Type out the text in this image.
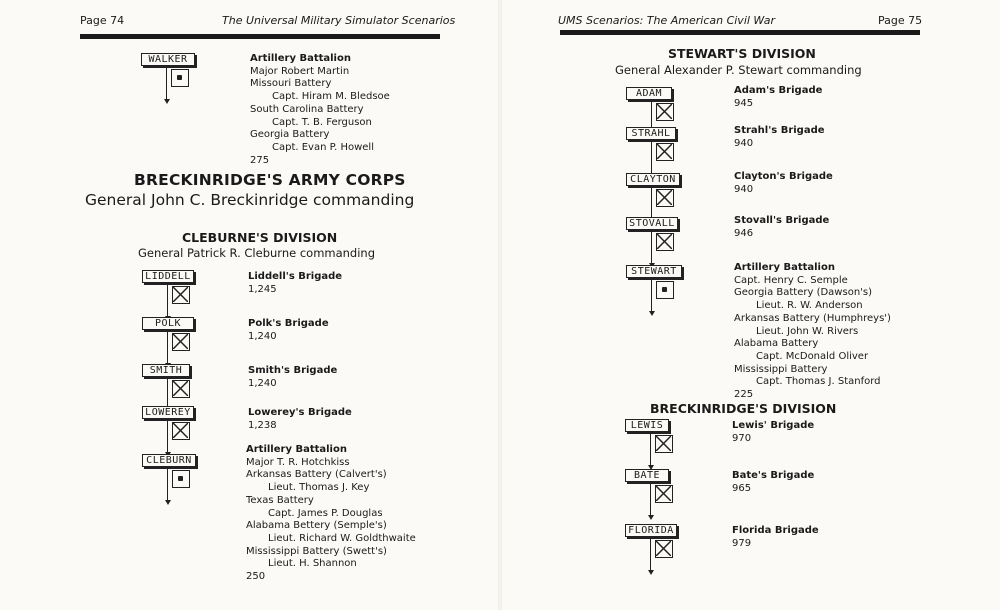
Page 74	The Universal Military Simulator Scenarios
BRECKINRIDGE'S ARMY CORPS
General John C. Breckinridge commanding
CLEBURNE'S DIVISION
General Patrick R. Cleburne commanding
WALKER	Artillery Battalion
Major Robert Martin
Missouri Battery
Capt. Hiram M. Bledsoe
South Carolina Battery
Capt. T. B. Ferguson
Georgia Battery
Capt. Evan P. Howell
275
LIDDELL	Liddell's Brigade
1,245
POLK	Polk's Brigade
1,240
SMITH	Smith's Brigade
1,240
LOWEREY	Lowerey's Brigade
1,238
CLEBURN
Artillery Battalion
Major T. R. Hotchkiss
Arkansas Battery (Calvert's)
Lieut. Thomas J. Key
Texas Battery
Capt. James P. Douglas
Alabama Bettery (Semple's)
Lieut. Richard W. Goldthwaite
Mississippi Battery (Swett's)
Lieut. H. Shannon
250
UMS Scenarios: The American Civil War	Page 75
STEWART'S DIVISION
General Alexander P. Stewart commanding
BRECKINRIDGE'S DIVISION
ADAM	Adam's Brigade
945
STRAHL	Strahl's Brigade
940
CLAYTON	Clayton's Brigade
940
STOVALL	Stovall's Brigade
946
STEWART	Artillery Battalion
Capt. Henry C. Semple
Georgia Battery (Dawson's)
Lieut. R. W. Anderson
Arkansas Battery (Humphreys')
Lieut. John W. Rivers
Alabama Battery
Capt. McDonald Oliver
Mississippi Battery
Capt. Thomas J. Stanford
225
LEWIS	Lewis' Brigade
970
BATE	Bate's Brigade
965
FLORIDA	Florida Brigade
979
